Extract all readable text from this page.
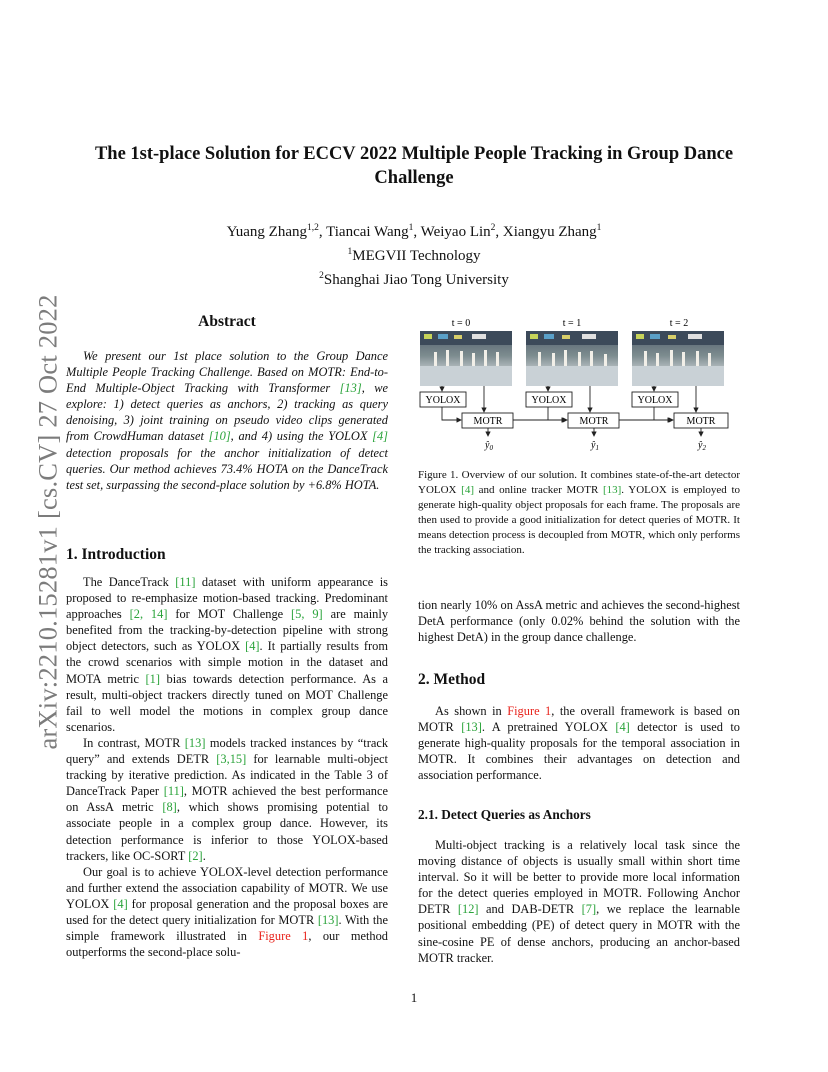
arXiv:2210.15281v1 [cs.CV] 27 Oct 2022
The 1st-place Solution for ECCV 2022 Multiple People Tracking in Group Dance Challenge
Yuang Zhang$^{1,2}$, Tiancai Wang$^1$, Weiyao Lin$^2$, Xiangyu Zhang$^1$
$^1$MEGVII Technology
$^2$Shanghai Jiao Tong University
Abstract

We present our 1st place solution to the Group Dance Multiple People Tracking Challenge. Based on MOTR: End-to-End Multiple-Object Tracking with Transformer [13], we explore: 1) detect queries as anchors, 2) tracking as query denoising, 3) joint training on pseudo video clips generated from CrowdHuman dataset [10], and 4) using the YOLOX [4] detection proposals for the anchor initialization of detect queries. Our method achieves 73.4% HOTA on the DanceTrack test set, surpassing the second-place solution by +6.8% HOTA.

1. Introduction

The DanceTrack [11] dataset with uniform appearance is proposed to re-emphasize motion-based tracking. Predominant approaches [2, 14] for MOT Challenge [5, 9] are mainly benefited from the tracking-by-detection pipeline with strong object detectors, such as YOLOX [4]. It partially results from the crowd scenarios with simple motion in the dataset and MOTA metric [1] bias towards detection performance. As a result, multi-object trackers directly tuned on MOT Challenge fail to well model the motions in complex group dance scenarios.

In contrast, MOTR [13] models tracked instances by “track query” and extends DETR [3,15] for learnable multi-object tracking by iterative prediction. As indicated in the Table 3 of DanceTrack Paper [11], MOTR achieved the best performance on AssA metric [8], which shows promising potential to associate people in a complex group dance. However, its detection performance is inferior to those YOLOX-based trackers, like OC-SORT [2].

Our goal is to achieve YOLOX-level detection performance and further extend the association capability of MOTR. We use YOLOX [4] for proposal generation and the proposal boxes are used for the detect query initialization for MOTR [13]. With the simple framework illustrated in Figure 1, our method outperforms the second-place solu-

t = 0	t = 1	t = 2
YOLOX	YOLOX	YOLOX
MOTR	MOTR	MOTR
$ŷ_0$	$ŷ_1$	$ŷ_2$
Figure 1. Overview of our solution. It combines state-of-the-art detector YOLOX [4] and online tracker MOTR [13]. YOLOX is employed to generate high-quality object proposals for each frame. The proposals are then used to provide a good initialization for detect queries of MOTR. It means detection process is decoupled from MOTR, which only performs the tracking association.

tion nearly 10% on AssA metric and achieves the second-highest DetA performance (only 0.02% behind the solution with the highest DetA) in the group dance challenge.

2. Method

As shown in Figure 1, the overall framework is based on MOTR [13]. A pretrained YOLOX [4] detector is used to generate high-quality proposals for the temporal association in MOTR. It combines their advantages on detection and association performance.

2.1. Detect Queries as Anchors

Multi-object tracking is a relatively local task since the moving distance of objects is usually small within short time interval. So it will be better to provide more local information for the detect queries employed in MOTR. Following Anchor DETR [12] and DAB-DETR [7], we replace the learnable positional embedding (PE) of detect query in MOTR with the sine-cosine PE of dense anchors, producing an anchor-based MOTR tracker.

1
